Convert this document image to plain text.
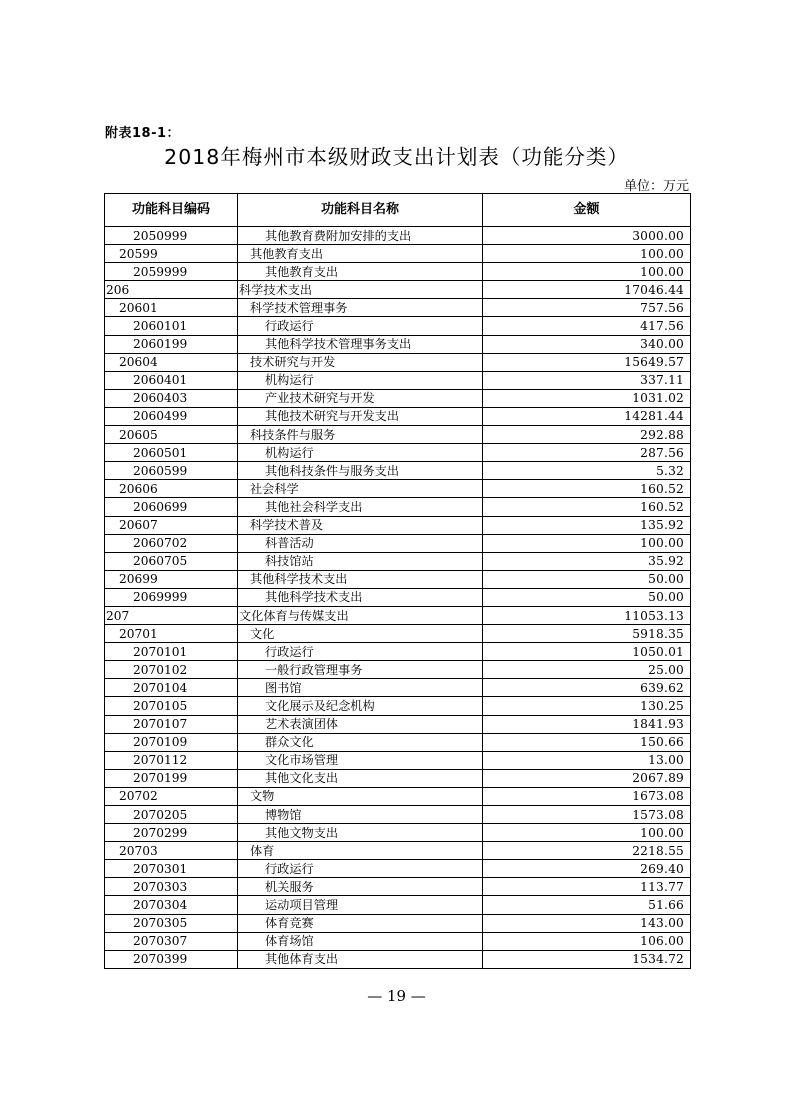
附表18-1：
2018年梅州市本级财政支出计划表（功能分类）
单位：万元
功能科目编码	功能科目名称	金额
2050999	其他教育费附加安排的支出	3000.00
20599	其他教育支出	100.00
2059999	其他教育支出	100.00
206	科学技术支出	17046.44
20601	科学技术管理事务	757.56
2060101	行政运行	417.56
2060199	其他科学技术管理事务支出	340.00
20604	技术研究与开发	15649.57
2060401	机构运行	337.11
2060403	产业技术研究与开发	1031.02
2060499	其他技术研究与开发支出	14281.44
20605	科技条件与服务	292.88
2060501	机构运行	287.56
2060599	其他科技条件与服务支出	5.32
20606	社会科学	160.52
2060699	其他社会科学支出	160.52
20607	科学技术普及	135.92
2060702	科普活动	100.00
2060705	科技馆站	35.92
20699	其他科学技术支出	50.00
2069999	其他科学技术支出	50.00
207	文化体育与传媒支出	11053.13
20701	文化	5918.35
2070101	行政运行	1050.01
2070102	一般行政管理事务	25.00
2070104	图书馆	639.62
2070105	文化展示及纪念机构	130.25
2070107	艺术表演团体	1841.93
2070109	群众文化	150.66
2070112	文化市场管理	13.00
2070199	其他文化支出	2067.89
20702	文物	1673.08
2070205	博物馆	1573.08
2070299	其他文物支出	100.00
20703	体育	2218.55
2070301	行政运行	269.40
2070303	机关服务	113.77
2070304	运动项目管理	51.66
2070305	体育竞赛	143.00
2070307	体育场馆	106.00
2070399	其他体育支出	1534.72
— 19 —
